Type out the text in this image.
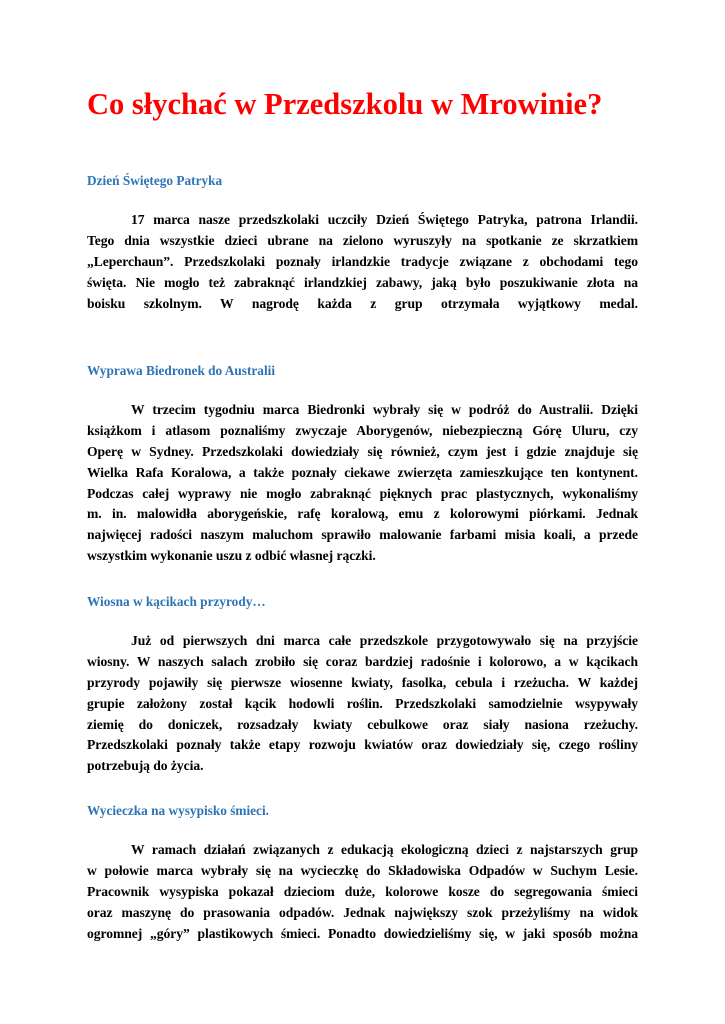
Co słychać w Przedszkolu w Mrowinie?
Dzień Świętego Patryka
17 marca nasze przedszkolaki uczciły Dzień Świętego Patryka, patrona Irlandii.
Tego dnia wszystkie dzieci ubrane na zielono wyruszyły na spotkanie ze skrzatkiem
„Leperchaun”. Przedszkolaki poznały irlandzkie tradycje związane z obchodami tego
święta. Nie mogło też zabraknąć irlandzkiej zabawy, jaką było poszukiwanie złota na
boisku szkolnym. W nagrodę każda z grup otrzymała wyjątkowy medal.
Wyprawa Biedronek do Australii
W trzecim tygodniu marca Biedronki wybrały się w podróż do Australii. Dzięki
książkom i atlasom poznaliśmy zwyczaje Aborygenów, niebezpieczną Górę Uluru, czy
Operę w Sydney. Przedszkolaki dowiedziały się również, czym jest i gdzie znajduje się
Wielka Rafa Koralowa, a także poznały ciekawe zwierzęta zamieszkujące ten kontynent.
Podczas całej wyprawy nie mogło zabraknąć pięknych prac plastycznych, wykonaliśmy
m. in. malowidła aborygeńskie, rafę koralową, emu z kolorowymi piórkami. Jednak
najwięcej radości naszym maluchom sprawiło malowanie farbami misia koali, a przede
wszystkim wykonanie uszu z odbić własnej rączki.
Wiosna w kącikach przyrody…
Już od pierwszych dni marca całe przedszkole przygotowywało się na przyjście
wiosny. W naszych salach zrobiło się coraz bardziej radośnie i kolorowo, a w kącikach
przyrody pojawiły się pierwsze wiosenne kwiaty, fasolka, cebula i rzeżucha. W każdej
grupie założony został kącik hodowli roślin. Przedszkolaki samodzielnie wsypywały
ziemię do doniczek, rozsadzały kwiaty cebulkowe oraz siały nasiona rzeżuchy.
Przedszkolaki poznały także etapy rozwoju kwiatów oraz dowiedziały się, czego rośliny
potrzebują do życia.
Wycieczka na wysypisko śmieci.
W ramach działań związanych z edukacją ekologiczną dzieci z najstarszych grup
w połowie marca wybrały się na wycieczkę do Składowiska Odpadów w Suchym Lesie.
Pracownik wysypiska pokazał dzieciom duże, kolorowe kosze do segregowania śmieci
oraz maszynę do prasowania odpadów. Jednak największy szok przeżyliśmy na widok
ogromnej „góry” plastikowych śmieci. Ponadto dowiedzieliśmy się, w jaki sposób można
